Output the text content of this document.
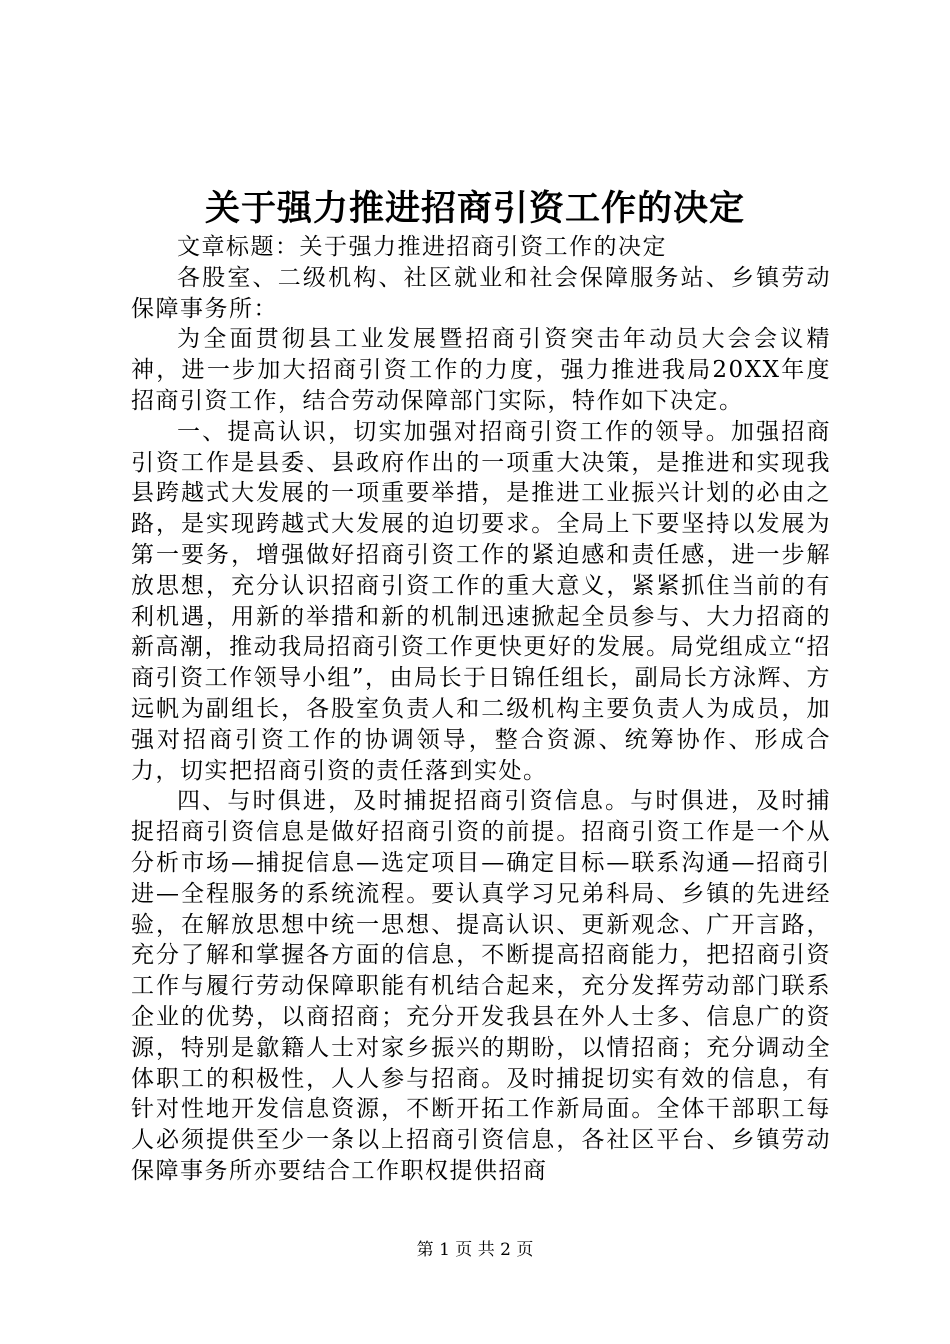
关于强力推进招商引资工作的决定

文章标题：关于强力推进招商引资工作的决定

各股室、二级机构、社区就业和社会保障服务站、乡镇劳动保障事务所：

为全面贯彻县工业发展暨招商引资突击年动员大会会议精神，进一步加大招商引资工作的力度，强力推进我局20XX年度招商引资工作，结合劳动保障部门实际，特作如下决定。

一、提高认识，切实加强对招商引资工作的领导。加强招商引资工作是县委、县政府作出的一项重大决策，是推进和实现我县跨越式大发展的一项重要举措，是推进工业振兴计划的必由之路，是实现跨越式大发展的迫切要求。全局上下要坚持以发展为第一要务，增强做好招商引资工作的紧迫感和责任感，进一步解放思想，充分认识招商引资工作的重大意义，紧紧抓住当前的有利机遇，用新的举措和新的机制迅速掀起全员参与、大力招商的新高潮，推动我局招商引资工作更快更好的发展。局党组成立“招商引资工作领导小组”，由局长于日锦任组长，副局长方泳辉、方远帆为副组长，各股室负责人和二级机构主要负责人为成员，加强对招商引资工作的协调领导，整合资源、统筹协作、形成合力，切实把招商引资的责任落到实处。

四、与时俱进，及时捕捉招商引资信息。与时俱进，及时捕捉招商引资信息是做好招商引资的前提。招商引资工作是一个从分析市场—捕捉信息—选定项目—确定目标—联系沟通—招商引进—全程服务的系统流程。要认真学习兄弟科局、乡镇的先进经验，在解放思想中统一思想、提高认识、更新观念、广开言路，充分了解和掌握各方面的信息，不断提高招商能力，把招商引资工作与履行劳动保障职能有机结合起来，充分发挥劳动部门联系企业的优势，以商招商；充分开发我县在外人士多、信息广的资源，特别是歙籍人士对家乡振兴的期盼，以情招商；充分调动全体职工的积极性，人人参与招商。及时捕捉切实有效的信息，有针对性地开发信息资源，不断开拓工作新局面。全体干部职工每人必须提供至少一条以上招商引资信息，各社区平台、乡镇劳动保障事务所亦要结合工作职权提供招商

第 1 页 共 2 页
